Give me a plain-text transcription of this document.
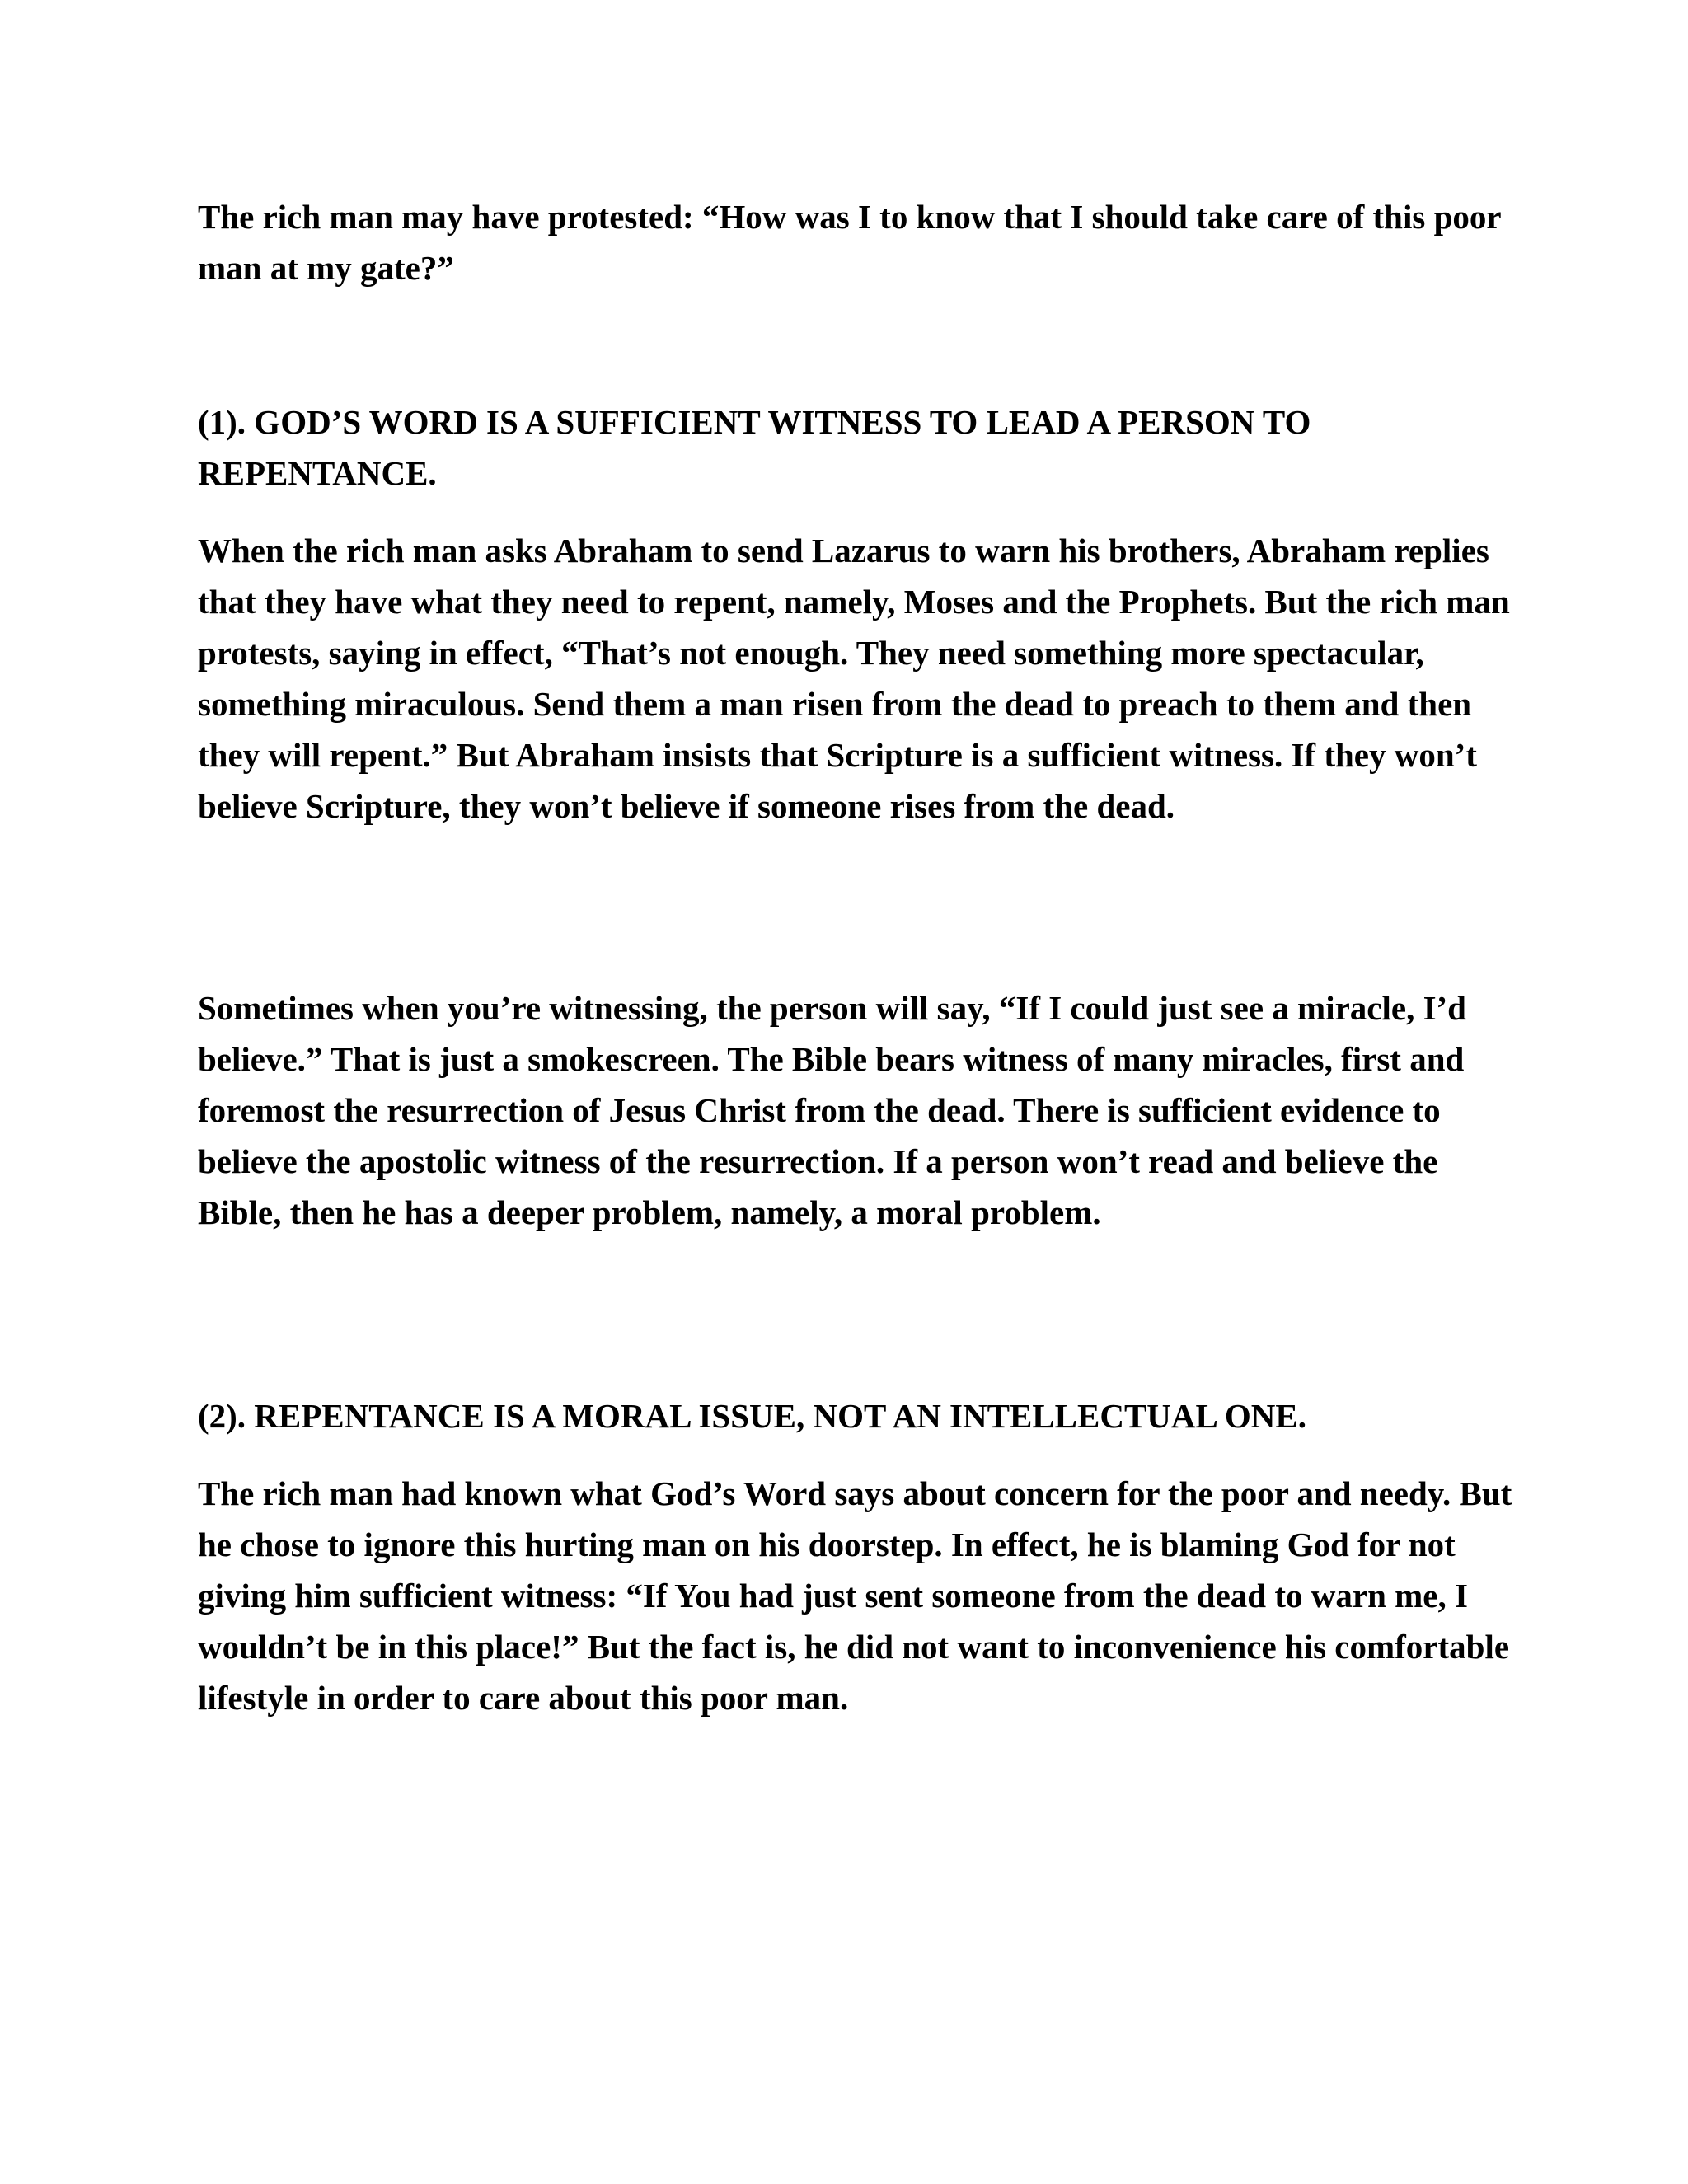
The rich man may have protested: “How was I to know that I should take care of this poor man at my gate?”

(1). GOD’S WORD IS A SUFFICIENT WITNESS TO LEAD A PERSON TO REPENTANCE.

When the rich man asks Abraham to send Lazarus to warn his brothers, Abraham replies that they have what they need to repent, namely, Moses and the Prophets. But the rich man protests, saying in effect, “That’s not enough. They need something more spectacular, something miraculous. Send them a man risen from the dead to preach to them and then they will repent.” But Abraham insists that Scripture is a sufficient witness. If they won’t believe Scripture, they won’t believe if someone rises from the dead.

Sometimes when you’re witnessing, the person will say, “If I could just see a miracle, I’d believe.” That is just a smokescreen. The Bible bears witness of many miracles, first and foremost the resurrection of Jesus Christ from the dead. There is sufficient evidence to believe the apostolic witness of the resurrection. If a person won’t read and believe the Bible, then he has a deeper problem, namely, a moral problem.

(2). REPENTANCE IS A MORAL ISSUE, NOT AN INTELLECTUAL ONE.

The rich man had known what God’s Word says about concern for the poor and needy. But he chose to ignore this hurting man on his doorstep. In effect, he is blaming God for not giving him sufficient witness: “If You had just sent someone from the dead to warn me, I wouldn’t be in this place!” But the fact is, he did not want to inconvenience his comfortable lifestyle in order to care about this poor man.
